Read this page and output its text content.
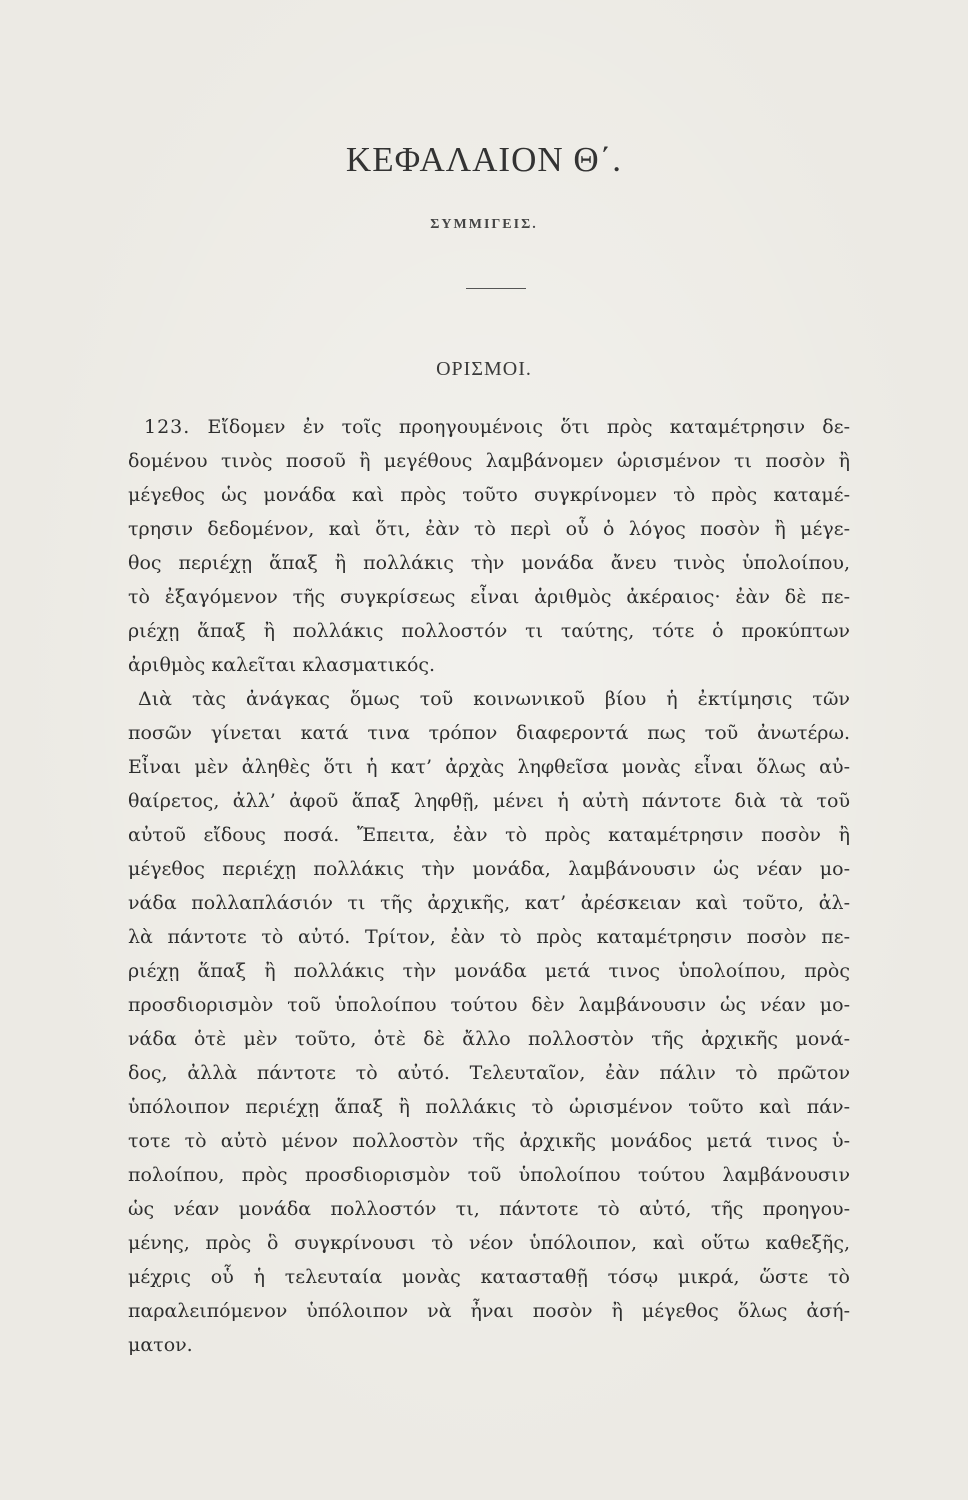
ΚΕΦΑΛΑΙΟΝ Θ΄.
ΣΥΜΜΙΓΕΙΣ.
ΟΡΙΣΜΟΙ.
123. Εἴδομεν ἐν τοῖς προηγουμένοις ὅτι πρὸς καταμέτρησιν δε-
δομένου τινὸς ποσοῦ ἢ μεγέθους λαμβάνομεν ὡρισμένον τι ποσὸν ἢ
μέγεθος ὡς μονάδα καὶ πρὸς τοῦτο συγκρίνομεν τὸ πρὸς καταμέ-
τρησιν δεδομένον, καὶ ὅτι, ἐὰν τὸ περὶ οὗ ὁ λόγος ποσὸν ἢ μέγε-
θος περιέχῃ ἅπαξ ἢ πολλάκις τὴν μονάδα ἄνευ τινὸς ὑπολοίπου,
τὸ ἐξαγόμενον τῆς συγκρίσεως εἶναι ἀριθμὸς ἀκέραιος· ἐὰν δὲ πε-
ριέχῃ ἅπαξ ἢ πολλάκις πολλοστόν τι ταύτης, τότε ὁ προκύπτων
ἀριθμὸς καλεῖται κλασματικός.
Διὰ τὰς ἀνάγκας ὅμως τοῦ κοινωνικοῦ βίου ἡ ἐκτίμησις τῶν
ποσῶν γίνεται κατά τινα τρόπον διαφεροντά πως τοῦ ἀνωτέρω.
Εἶναι μὲν ἀληθὲς ὅτι ἡ κατ’ ἀρχὰς ληφθεῖσα μονὰς εἶναι ὅλως αὐ-
θαίρετος, ἀλλ’ ἀφοῦ ἅπαξ ληφθῇ, μένει ἡ αὐτὴ πάντοτε διὰ τὰ τοῦ
αὐτοῦ εἴδους ποσά. Ἔπειτα, ἐὰν τὸ πρὸς καταμέτρησιν ποσὸν ἢ
μέγεθος περιέχῃ πολλάκις τὴν μονάδα, λαμβάνουσιν ὡς νέαν μο-
νάδα πολλαπλάσιόν τι τῆς ἀρχικῆς, κατ’ ἀρέσκειαν καὶ τοῦτο, ἀλ-
λὰ πάντοτε τὸ αὐτό. Τρίτον, ἐὰν τὸ πρὸς καταμέτρησιν ποσὸν πε-
ριέχῃ ἅπαξ ἢ πολλάκις τὴν μονάδα μετά τινος ὑπολοίπου, πρὸς
προσδιορισμὸν τοῦ ὑπολοίπου τούτου δὲν λαμβάνουσιν ὡς νέαν μο-
νάδα ὁτὲ μὲν τοῦτο, ὁτὲ δὲ ἄλλο πολλοστὸν τῆς ἀρχικῆς μονά-
δος, ἀλλὰ πάντοτε τὸ αὐτό. Τελευταῖον, ἐὰν πάλιν τὸ πρῶτον
ὑπόλοιπον περιέχῃ ἅπαξ ἢ πολλάκις τὸ ὡρισμένον τοῦτο καὶ πάν-
τοτε τὸ αὐτὸ μένον πολλοστὸν τῆς ἀρχικῆς μονάδος μετά τινος ὑ-
πολοίπου, πρὸς προσδιορισμὸν τοῦ ὑπολοίπου τούτου λαμβάνουσιν
ὡς νέαν μονάδα πολλοστόν τι, πάντοτε τὸ αὐτό, τῆς προηγου-
μένης, πρὸς ὃ συγκρίνουσι τὸ νέον ὑπόλοιπον, καὶ οὕτω καθεξῆς,
μέχρις οὗ ἡ τελευταία μονὰς κατασταθῇ τόσῳ μικρά, ὥστε τὸ
παραλειπόμενον ὑπόλοιπον νὰ ἦναι ποσὸν ἢ μέγεθος ὅλως ἀσή-
ματον.
